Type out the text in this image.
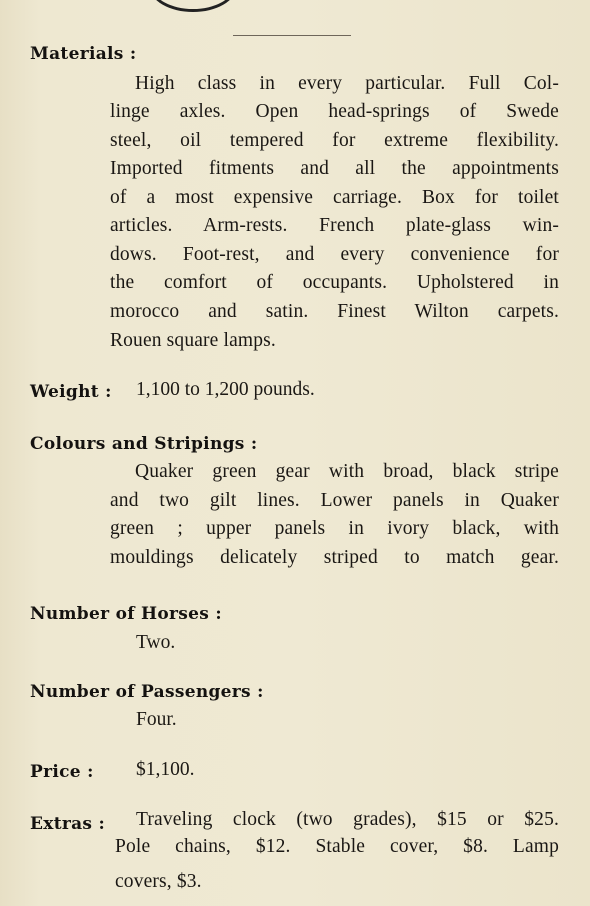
Materials :
High class in every particular. Full Col-
linge axles. Open head-springs of Swede
steel, oil tempered for extreme flexibility.
Imported fitments and all the appointments
of a most expensive carriage. Box for toilet
articles. Arm-rests. French plate-glass win-
dows. Foot-rest, and every convenience for
the comfort of occupants. Upholstered in
morocco and satin. Finest Wilton carpets.
Rouen square lamps.
Weight : 1,100 to 1,200 pounds.
Colours and Stripings :
Quaker green gear with broad, black stripe
and two gilt lines. Lower panels in Quaker
green ; upper panels in ivory black, with
mouldings delicately striped to match gear.
Number of Horses :
Two.
Number of Passengers :
Four.
Price : $1,100.
Extras : Traveling clock (two grades), $15 or $25.
Pole chains, $12. Stable cover, $8. Lamp
covers, $3.
